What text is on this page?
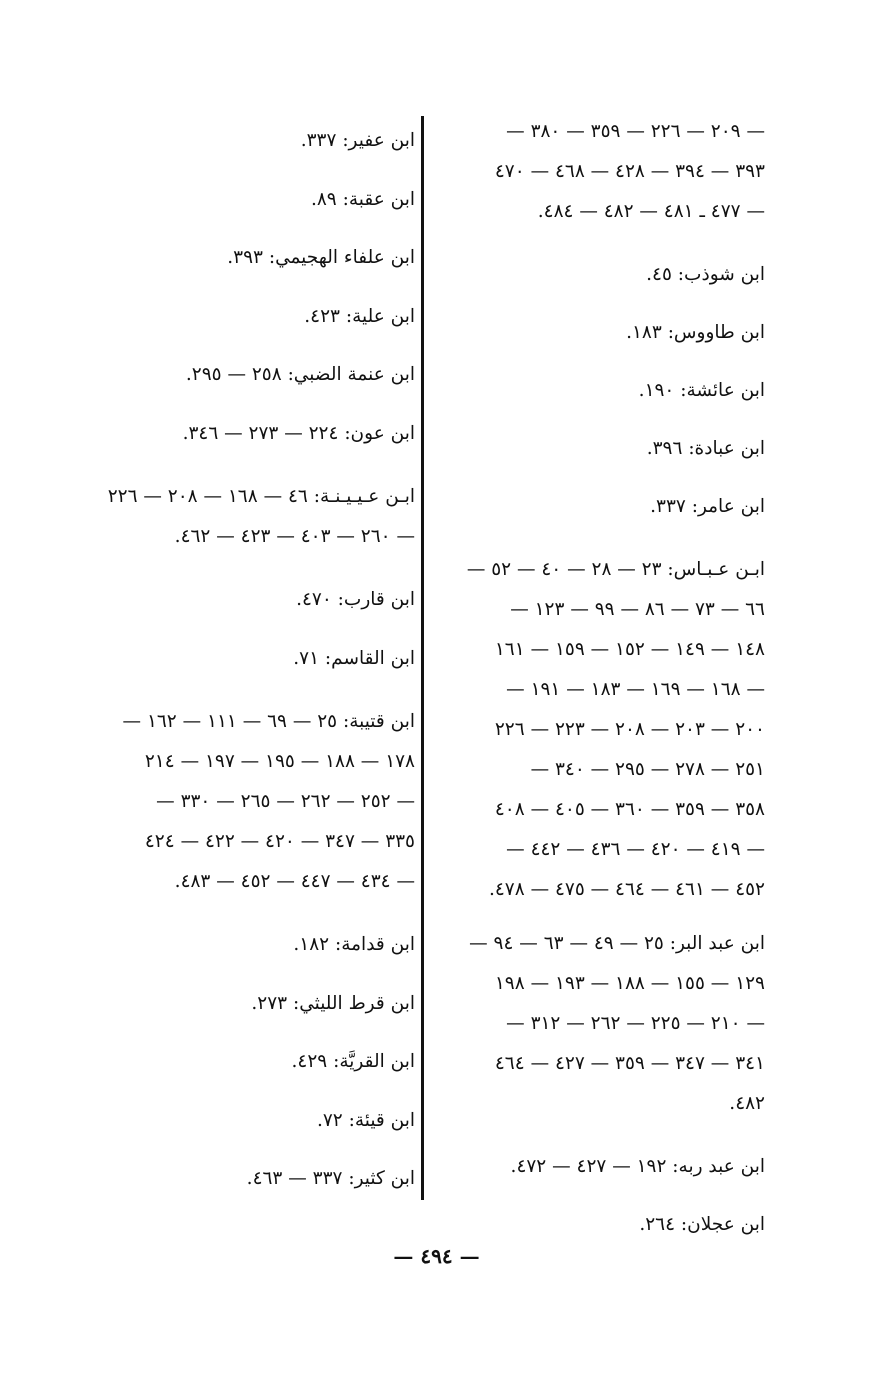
— ٢٠٩ — ٢٢٦ — ٣٥٩ — ٣٨٠ —
٣٩٣ — ٣٩٤ — ٤٢٨ — ٤٦٨ — ٤٧٠
— ٤٧٧ ـ ٤٨١ — ٤٨٢ — ٤٨٤.
ابن شوذب: ٤٥.
ابن طاووس: ١٨٣.
ابن عائشة: ١٩٠.
ابن عبادة: ٣٩٦.
ابن عامر: ٣٣٧.
ابـن عـبـاس: ٢٣ — ٢٨ — ٤٠ — ٥٢ —
٦٦ — ٧٣ — ٨٦ — ٩٩ — ١٢٣ —
١٤٨ — ١٤٩ — ١٥٢ — ١٥٩ — ١٦١
— ١٦٨ — ١٦٩ — ١٨٣ — ١٩١ —
٢٠٠ — ٢٠٣ — ٢٠٨ — ٢٢٣ — ٢٢٦
٢٥١ — ٢٧٨ — ٢٩٥ — ٣٤٠ —
٣٥٨ — ٣٥٩ — ٣٦٠ — ٤٠٥ — ٤٠٨
— ٤١٩ — ٤٢٠ — ٤٣٦ — ٤٤٢ —
٤٥٢ — ٤٦١ — ٤٦٤ — ٤٧٥ — ٤٧٨.
ابن عبد البر: ٢٥ — ٤٩ — ٦٣ — ٩٤ —
١٢٩ — ١٥٥ — ١٨٨ — ١٩٣ — ١٩٨
— ٢١٠ — ٢٢٥ — ٢٦٢ — ٣١٢ —
٣٤١ — ٣٤٧ — ٣٥٩ — ٤٢٧ — ٤٦٤
٤٨٢.
ابن عبد ربه: ١٩٢ — ٤٢٧ — ٤٧٢.
ابن عجلان: ٢٦٤.
ابن عفير: ٣٣٧.
ابن عقبة: ٨٩.
ابن علفاء الهجيمي: ٣٩٣.
ابن علية: ٤٢٣.
ابن عنمة الضبي: ٢٥٨ — ٢٩٥.
ابن عون: ٢٢٤ — ٢٧٣ — ٣٤٦.
ابـن عـيـيـنـة: ٤٦ — ١٦٨ — ٢٠٨ — ٢٢٦
— ٢٦٠ — ٤٠٣ — ٤٢٣ — ٤٦٢.
ابن قارب: ٤٧٠.
ابن القاسم: ٧١.
ابن قتيبة: ٢٥ — ٦٩ — ١١١ — ١٦٢ —
١٧٨ — ١٨٨ — ١٩٥ — ١٩٧ — ٢١٤
— ٢٥٢ — ٢٦٢ — ٢٦٥ — ٣٣٠ —
٣٣٥ — ٣٤٧ — ٤٢٠ — ٤٢٢ — ٤٢٤
— ٤٣٤ — ٤٤٧ — ٤٥٢ — ٤٨٣.
ابن قدامة: ١٨٢.
ابن قرط الليثي: ٢٧٣.
ابن القريَّة: ٤٢٩.
ابن قيئة: ٧٢.
ابن كثير: ٣٣٧ — ٤٦٣.
— ٤٩٤ —
